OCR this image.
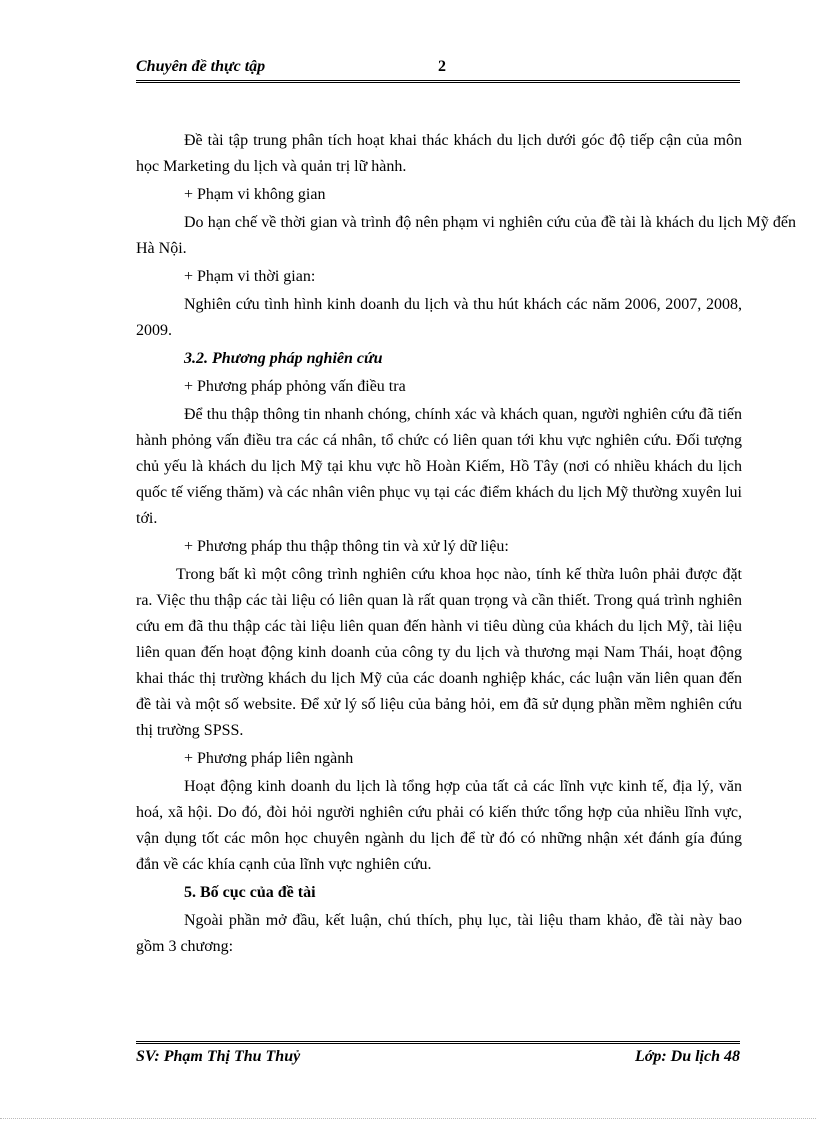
Chuyên đề thực tập	2

Đề tài tập trung phân tích hoạt khai thác khách du lịch dưới góc độ tiếp cận của môn học Marketing du lịch và quản trị lữ hành.

+ Phạm vi không gian

Do hạn chế về thời gian và trình độ nên phạm vi nghiên cứu của đề tài là khách du lịch Mỹ đến Hà Nội.

+ Phạm vi thời gian:

Nghiên cứu tình hình kinh doanh du lịch và thu hút khách các năm 2006, 2007, 2008, 2009.

3.2. Phương pháp nghiên cứu

+ Phương pháp phỏng vấn điều tra

Để thu thập thông tin nhanh chóng, chính xác và khách quan, người nghiên cứu đã tiến hành phỏng vấn điều tra các cá nhân, tổ chức có liên quan tới khu vực nghiên cứu. Đối tượng chủ yếu là khách du lịch Mỹ tại khu vực hồ Hoàn Kiếm, Hồ Tây (nơi có nhiều khách du lịch quốc tế viếng thăm) và các nhân viên phục vụ tại các điểm khách du lịch Mỹ thường xuyên lui tới.

+ Phương pháp thu thập thông tin và xử lý dữ liệu:

Trong bất kì một công trình nghiên cứu khoa học nào, tính kế thừa luôn phải được đặt ra. Việc thu thập các tài liệu có liên quan là rất quan trọng và cần thiết. Trong quá trình nghiên cứu em đã thu thập các tài liệu liên quan đến hành vi tiêu dùng của khách du lịch Mỹ, tài liệu liên quan đến hoạt động kinh doanh của công ty du lịch và thương mại Nam Thái, hoạt động khai thác thị trường khách du lịch Mỹ của các doanh nghiệp khác, các luận văn liên quan đến đề tài và một số website. Để xử lý số liệu của bảng hỏi, em đã sử dụng phần mềm nghiên cứu thị trường SPSS.

+ Phương pháp liên ngành

Hoạt động kinh doanh du lịch là tổng hợp của tất cả các lĩnh vực kinh tế, địa lý, văn hoá, xã hội. Do đó, đòi hỏi người nghiên cứu phải có kiến thức tổng hợp của nhiều lĩnh vực, vận dụng tốt các môn học chuyên ngành du lịch để từ đó có những nhận xét đánh gía đúng đắn về các khía cạnh của lĩnh vực nghiên cứu.

5. Bố cục của đề tài

Ngoài phần mở đầu, kết luận, chú thích, phụ lục, tài liệu tham khảo, đề tài này bao gồm 3 chương:

SV: Phạm Thị Thu Thuỷ	Lớp: Du lịch 48
